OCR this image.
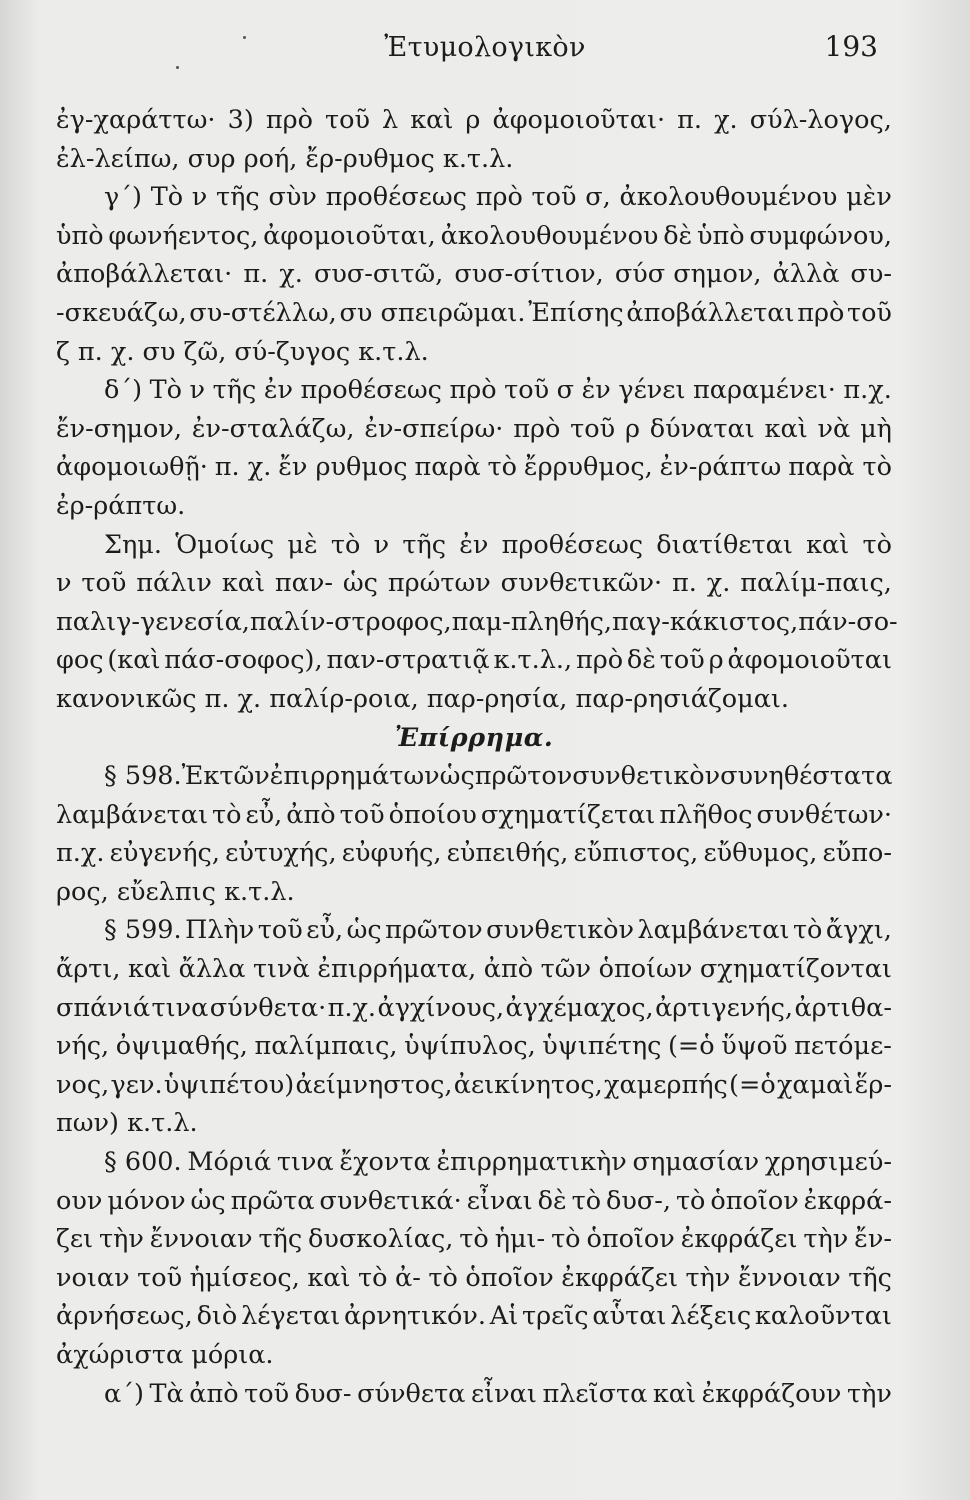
Ἐτυμολογικὸν	193
ἐγ-χαράττω· 3) πρὸ τοῦ λ καὶ ρ ἀφομοιοῦται· π. χ. σύλ-λογος,
ἐλ-λείπω, συρ ροή, ἔρ-ρυθμος κ.τ.λ.
γ΄) Τὸ ν τῆς σὺν προθέσεως πρὸ τοῦ σ, ἀκολουθουμένου μὲν
ὑπὸ φωνήεντος, ἀφομοιοῦται, ἀκολουθουμένου δὲ ὑπὸ συμφώνου,
ἀποβάλλεται· π. χ. συσ-σιτῶ, συσ-σίτιον, σύσ σημον, ἀλλὰ συ-
-σκευάζω, συ-στέλλω, συ σπειρῶμαι. Ἐπίσης ἀποβάλλεται πρὸ τοῦ
ζ π. χ. συ ζῶ, σύ-ζυγος κ.τ.λ.
δ΄) Τὸ ν τῆς ἐν προθέσεως πρὸ τοῦ σ ἐν γένει παραμένει· π.χ.
ἔν-σημον, ἐν-σταλάζω, ἐν-σπείρω· πρὸ τοῦ ρ δύναται καὶ νὰ μὴ
ἀφομοιωθῇ· π. χ. ἔν ρυθμος παρὰ τὸ ἔρρυθμος, ἐν-ράπτω παρὰ τὸ
ἐρ-ράπτω.
Σημ. Ὁμοίως μὲ τὸ ν τῆς ἐν προθέσεως διατίθεται καὶ τὸ
ν τοῦ πάλιν καὶ παν- ὡς πρώτων συνθετικῶν· π. χ. παλίμ-παις,
παλιγ-γενεσία, παλίν-στροφος, παμ-πληθής, παγ-κάκιστος, πάν-σο-
φος (καὶ πάσ-σοφος), παν-στρατιᾷ κ.τ.λ., πρὸ δὲ τοῦ ρ ἀφομοιοῦται
κανονικῶς π. χ. παλίρ-ροια, παρ-ρησία, παρ-ρησιάζομαι.
Ἐπίρρημα.
§ 598. Ἐκ τῶν ἐπιρρημάτων ὡς πρῶτον συνθετικὸν συνηθέστατα
λαμβάνεται τὸ εὖ, ἀπὸ τοῦ ὁποίου σχηματίζεται πλῆθος συνθέτων·
π.χ. εὐγενής, εὐτυχής, εὐφυής, εὐπειθής, εὔπιστος, εὔθυμος, εὔπο-
ρος, εὔελπις κ.τ.λ.
§ 599. Πλὴν τοῦ εὖ, ὡς πρῶτον συνθετικὸν λαμβάνεται τὸ ἄγχι,
ἄρτι, καὶ ἄλλα τινὰ ἐπιρρήματα, ἀπὸ τῶν ὁποίων σχηματίζονται
σπάνιά τινα σύνθετα· π.χ. ἀγχίνους, ἀγχέμαχος, ἀρτιγενής, ἀρτιθα-
νής, ὀψιμαθής, παλίμπαις, ὑψίπυλος, ὑψιπέτης (=ὁ ὕψοῦ πετόμε-
νος, γεν. ὑψιπέτου) ἀείμνηστος, ἀεικίνητος, χαμερπής (=ὁ χαμαὶ ἕρ-
πων) κ.τ.λ.
§ 600. Μόριά τινα ἔχοντα ἐπιρρηματικὴν σημασίαν χρησιμεύ-
ουν μόνον ὡς πρῶτα συνθετικά· εἶναι δὲ τὸ δυσ-, τὸ ὁποῖον ἐκφρά-
ζει τὴν ἔννοιαν τῆς δυσκολίας, τὸ ἡμι- τὸ ὁποῖον ἐκφράζει τὴν ἔν-
νοιαν τοῦ ἡμίσεος, καὶ τὸ ἀ- τὸ ὁποῖον ἐκφράζει τὴν ἔννοιαν τῆς
ἀρνήσεως, διὸ λέγεται ἀρνητικόν. Αἱ τρεῖς αὗται λέξεις καλοῦνται
ἀχώριστα μόρια.
α΄) Τὰ ἀπὸ τοῦ δυσ- σύνθετα εἶναι πλεῖστα καὶ ἐκφράζουν τὴν
